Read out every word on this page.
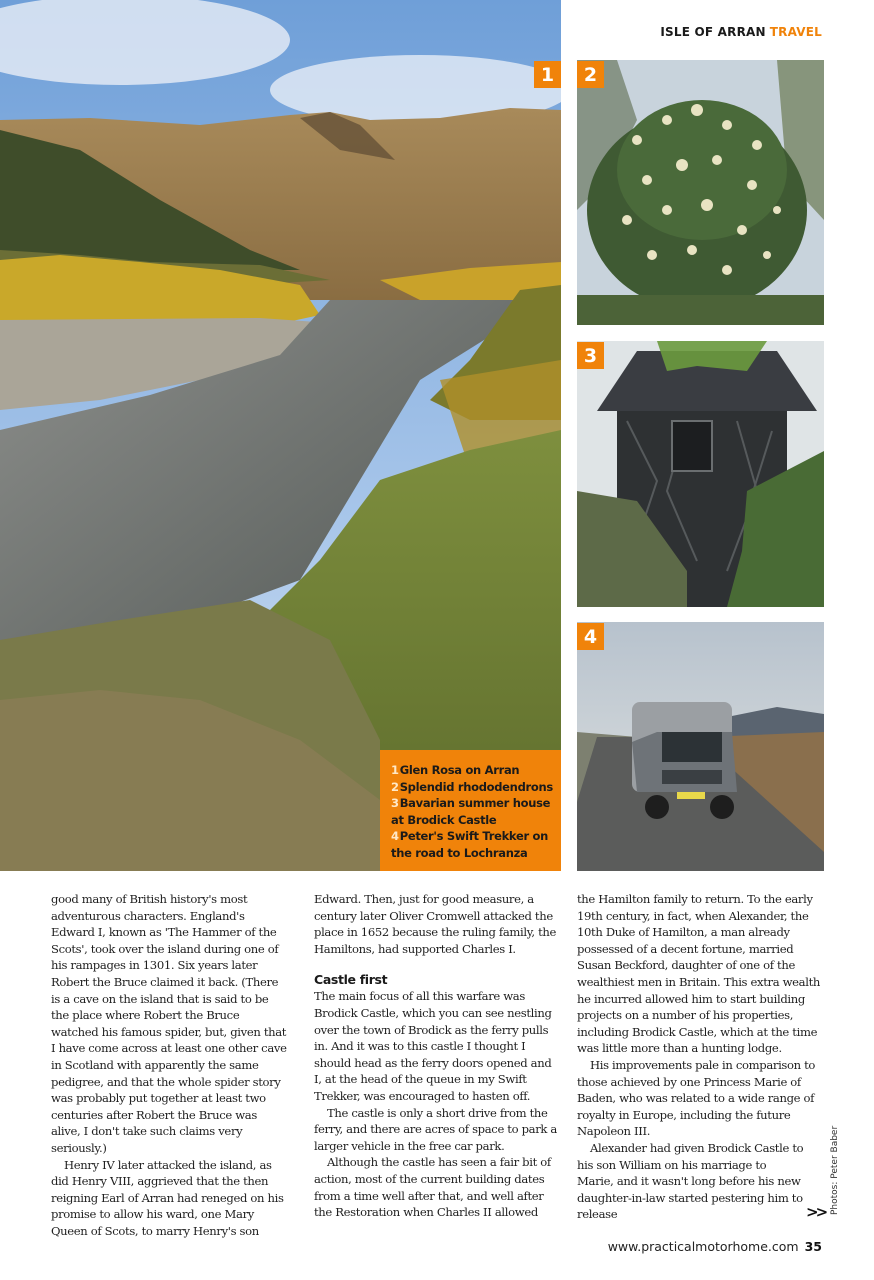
ISLE OF ARRAN TRAVEL
1	2
3
4
1Glen Rosa on Arran
2Splendid rhododendrons
3Bavarian summer house
at Brodick Castle
4Peter's Swift Trekker on
the road to Lochranza

good many of British history's most adventurous characters. England's Edward I, known as 'The Hammer of the Scots', took over the island during one of his rampages in 1301. Six years later Robert the Bruce claimed it back. (There is a cave on the island that is said to be the place where Robert the Bruce watched his famous spider, but, given that I have come across at least one other cave in Scotland with apparently the same pedigree, and that the whole spider story was probably put together at least two centuries after Robert the Bruce was alive, I don't take such claims very seriously.)

Henry IV later attacked the island, as did Henry VIII, aggrieved that the then reigning Earl of Arran had reneged on his promise to allow his ward, one Mary Queen of Scots, to marry Henry's son

Edward. Then, just for good measure, a century later Oliver Cromwell attacked the place in 1652 because the ruling family, the Hamiltons, had supported Charles I.

Castle first

The main focus of all this warfare was Brodick Castle, which you can see nestling over the town of Brodick as the ferry pulls in. And it was to this castle I thought I should head as the ferry doors opened and I, at the head of the queue in my Swift Trekker, was encouraged to hasten off.

The castle is only a short drive from the ferry, and there are acres of space to park a larger vehicle in the free car park.

Although the castle has seen a fair bit of action, most of the current building dates from a time well after that, and well after the Restoration when Charles II allowed

the Hamilton family to return. To the early 19th century, in fact, when Alexander, the 10th Duke of Hamilton, a man already possessed of a decent fortune, married Susan Beckford, daughter of one of the wealthiest men in Britain. This extra wealth he incurred allowed him to start building projects on a number of his properties, including Brodick Castle, which at the time was little more than a hunting lodge.

His improvements pale in comparison to those achieved by one Princess Marie of Baden, who was related to a wide range of royalty in Europe, including the future Napoleon III.

Alexander had given Brodick Castle to his son William on his marriage to Marie, and it wasn't long before his new daughter-in-law started pestering him to release	>> Photos: Peter Baber
www.practicalmotorhome.com 35
